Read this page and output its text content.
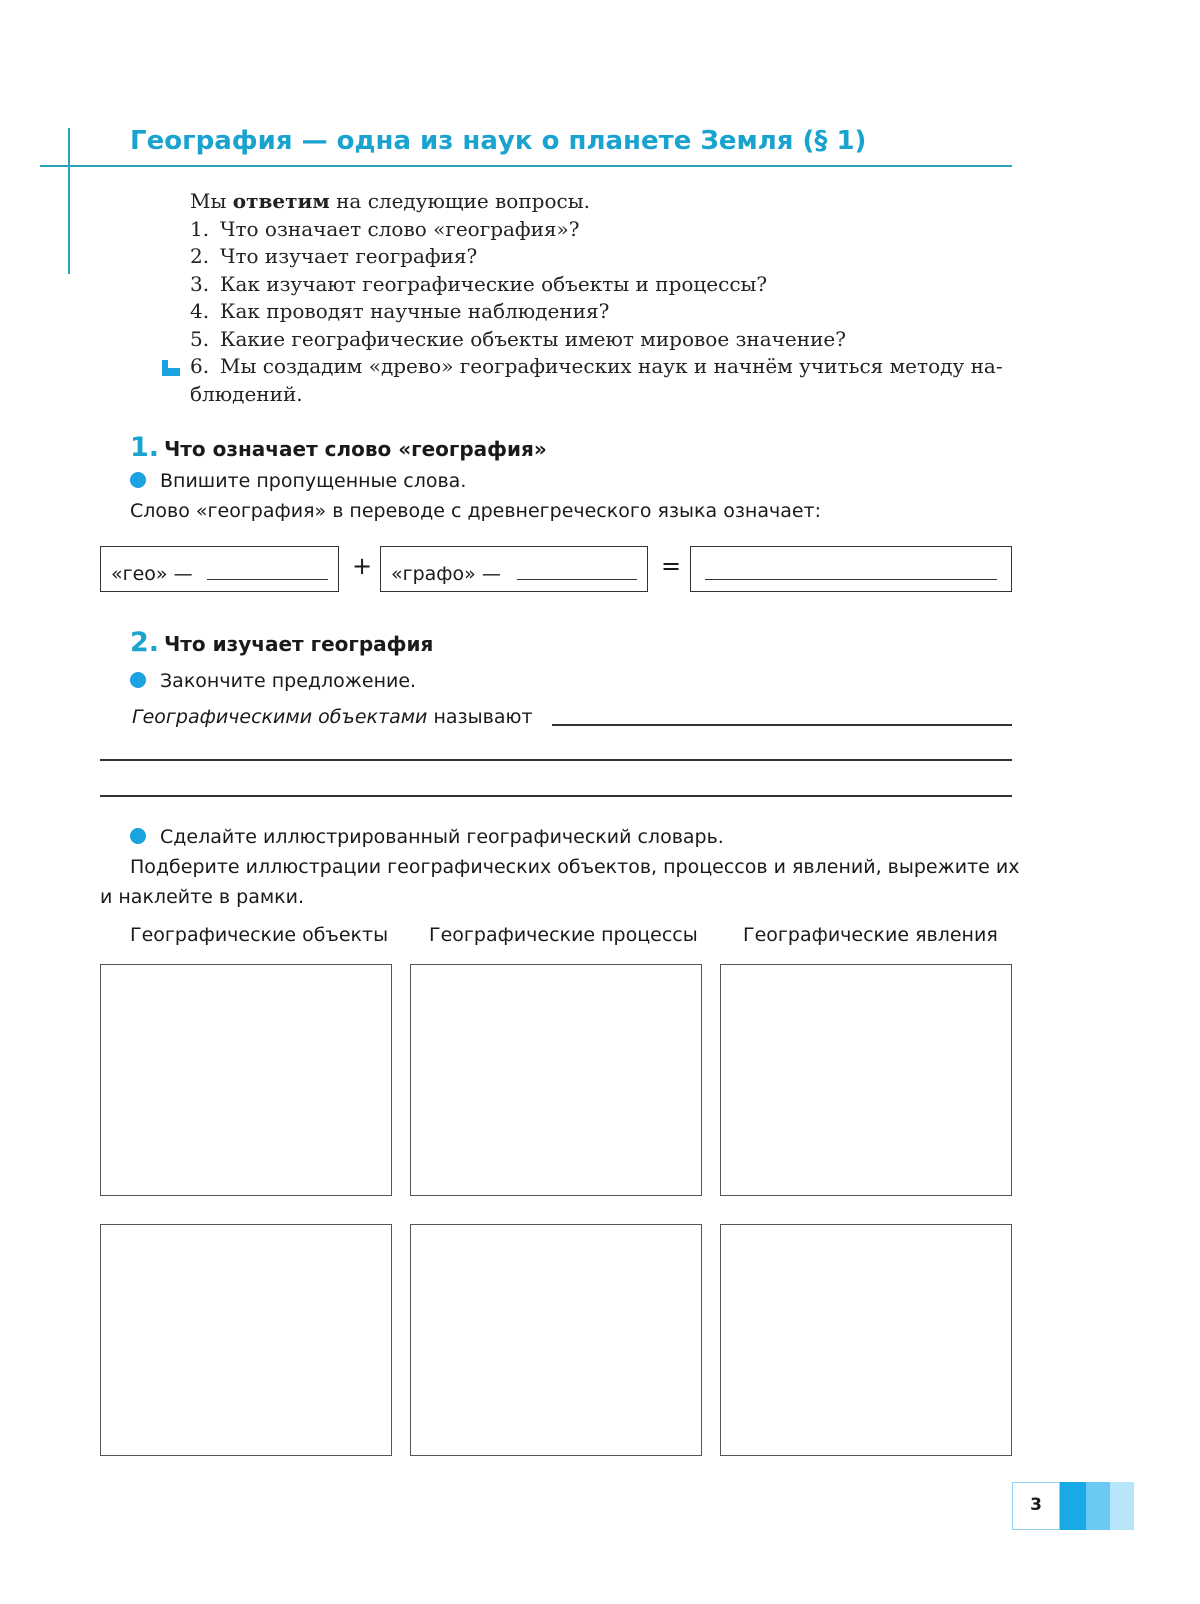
География — одна из наук о планете Земля (§ 1)
Мы ответим на следующие вопросы.
1. Что означает слово «география»?
2. Что изучает география?
3. Как изучают географические объекты и процессы?
4. Как проводят научные наблюдения?
5. Какие географические объекты имеют мировое значение?
6. Мы создадим «древо» географических наук и начнём учиться методу на-
блюдений.
1. Что означает слово «география»
Впишите пропущенные слова.
Слово «география» в переводе с древнегреческого языка означает:
«гео» —	+ «графо» —	=
2. Что изучает география
Закончите предложение.
Географическими объектами называют
Сделайте иллюстрированный географический словарь.
Подберите иллюстрации географических объектов, процессов и явлений, вырежите их
и наклейте в рамки.
Географические объекты Географические процессы Географические явления
3
